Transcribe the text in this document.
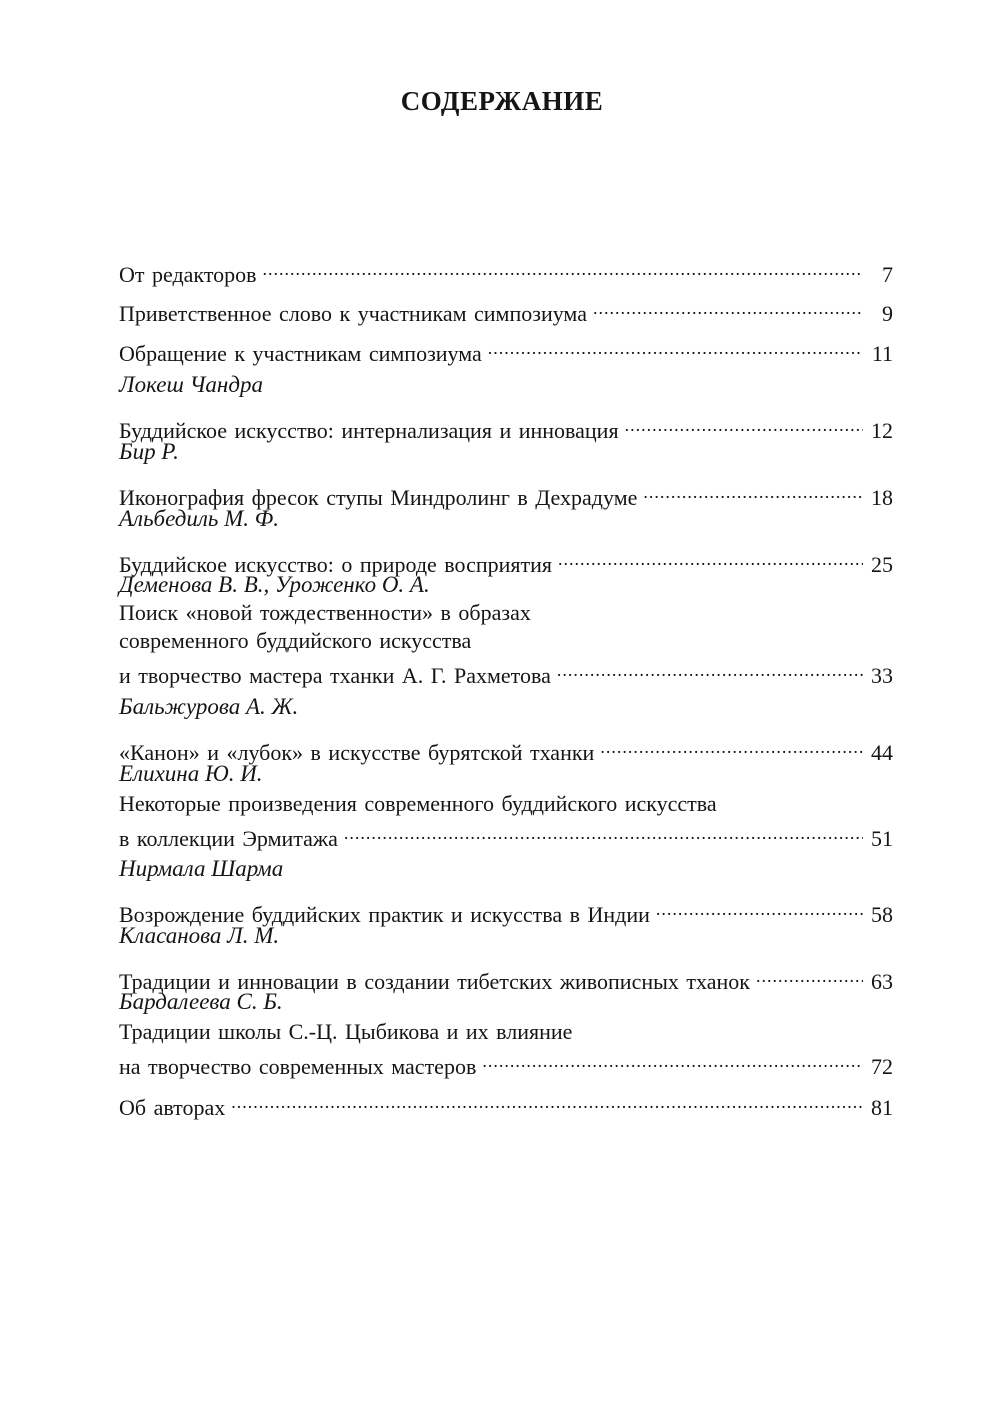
СОДЕРЖАНИЕ
От редакторов .....	7
Приветственное слово к участникам симпозиума .....	9
Обращение к участникам симпозиума .....	11
Локеш Чандра
Буддийское искусство: интернализация и инновация .....	12
Бир Р.
Иконография фресок ступы Миндролинг в Дехрадуме .....	18
Альбедиль М. Ф.
Буддийское искусство: о природе восприятия .....	25
Деменова В. В., Уроженко О. А.
Поиск «новой тождественности» в образах
современного буддийского искусства
и творчество мастера тханки А. Г. Рахметова .....	33
Бальжурова А. Ж.
«Канон» и «лубок» в искусстве бурятской тханки .....	44
Елихина Ю. И.
Некоторые произведения современного буддийского искусства
в коллекции Эрмитажа .....	51
Нирмала Шарма
Возрождение буддийских практик и искусства в Индии .....	58
Класанова Л. М.
Традиции и инновации в создании тибетских живописных тханок .....	63
Бардалеева С. Б.
Традиции школы С.-Ц. Цыбикова и их влияние
на творчество современных мастеров .....	72
Об авторах .....	81
